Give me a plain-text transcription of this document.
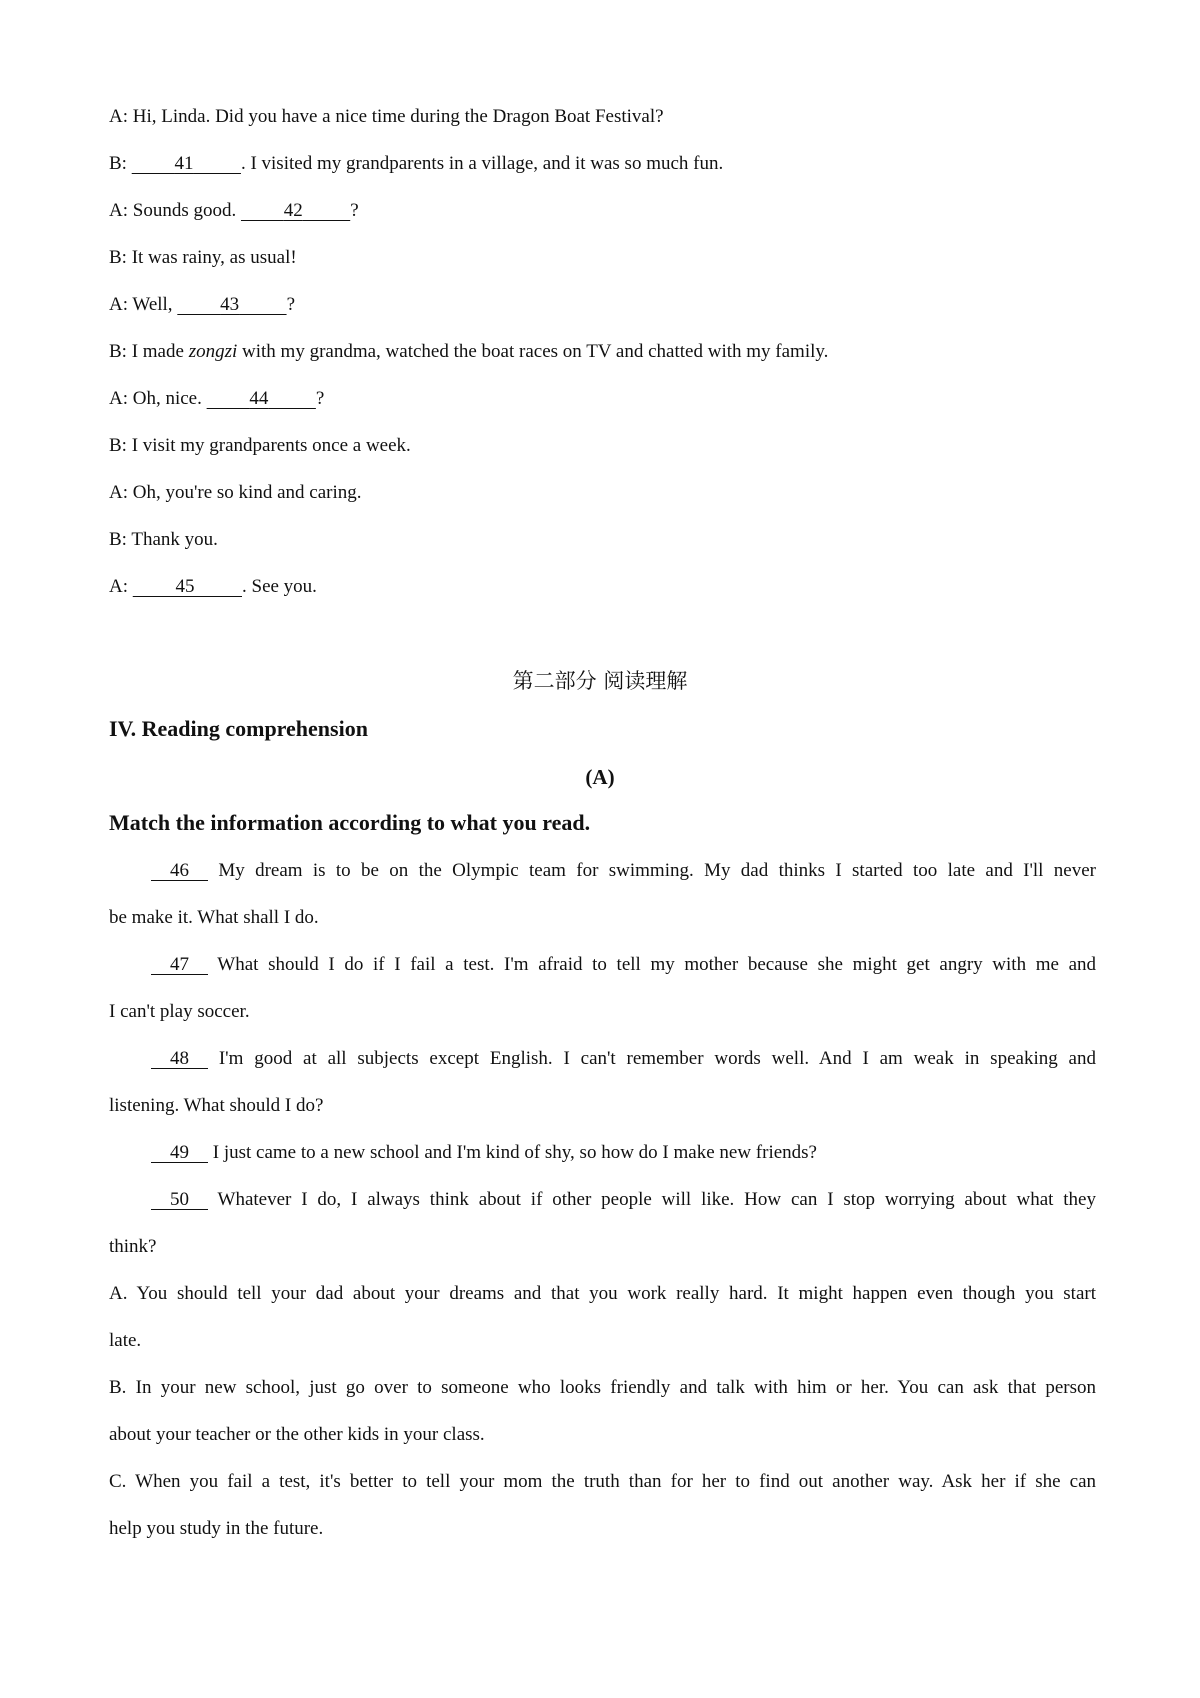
A: Hi, Linda. Did you have a nice time during the Dragon Boat Festival?
B:	41	. I visited my grandparents in a village, and it was so much fun.
A: Sounds good.          42	?
B: It was rainy, as usual!
A: Well,          43	?
B: I made zongzi with my grandma, watched the boat races on TV and chatted with my family.
A: Oh, nice.          44	?
B: I visit my grandparents once a week.
A: Oh, you're so kind and caring.
B: Thank you.
A:	45	. See you.
第二部分 阅读理解
IV. Reading comprehension
(A)
Match the information according to what you read.
46     My dream is to be on the Olympic team for swimming. My dad thinks I started too late and I'll never
be make it. What shall I do.
47     What should I do if I fail a test. I'm afraid to tell my mother because she might get angry with me and
I can't play soccer.
48     I'm good at all subjects except English. I can't remember words well. And I am weak in speaking and
listening. What should I do?
49     I just came to a new school and I'm kind of shy, so how do I make new friends?
50     Whatever I do, I always think about if other people will like. How can I stop worrying about what they
think?
A. You should tell your dad about your dreams and that you work really hard. It might happen even though you start
late.
B. In your new school, just go over to someone who looks friendly and talk with him or her. You can ask that person
about your teacher or the other kids in your class.
C. When you fail a test, it's better to tell your mom the truth than for her to find out another way. Ask her if she can
help you study in the future.
